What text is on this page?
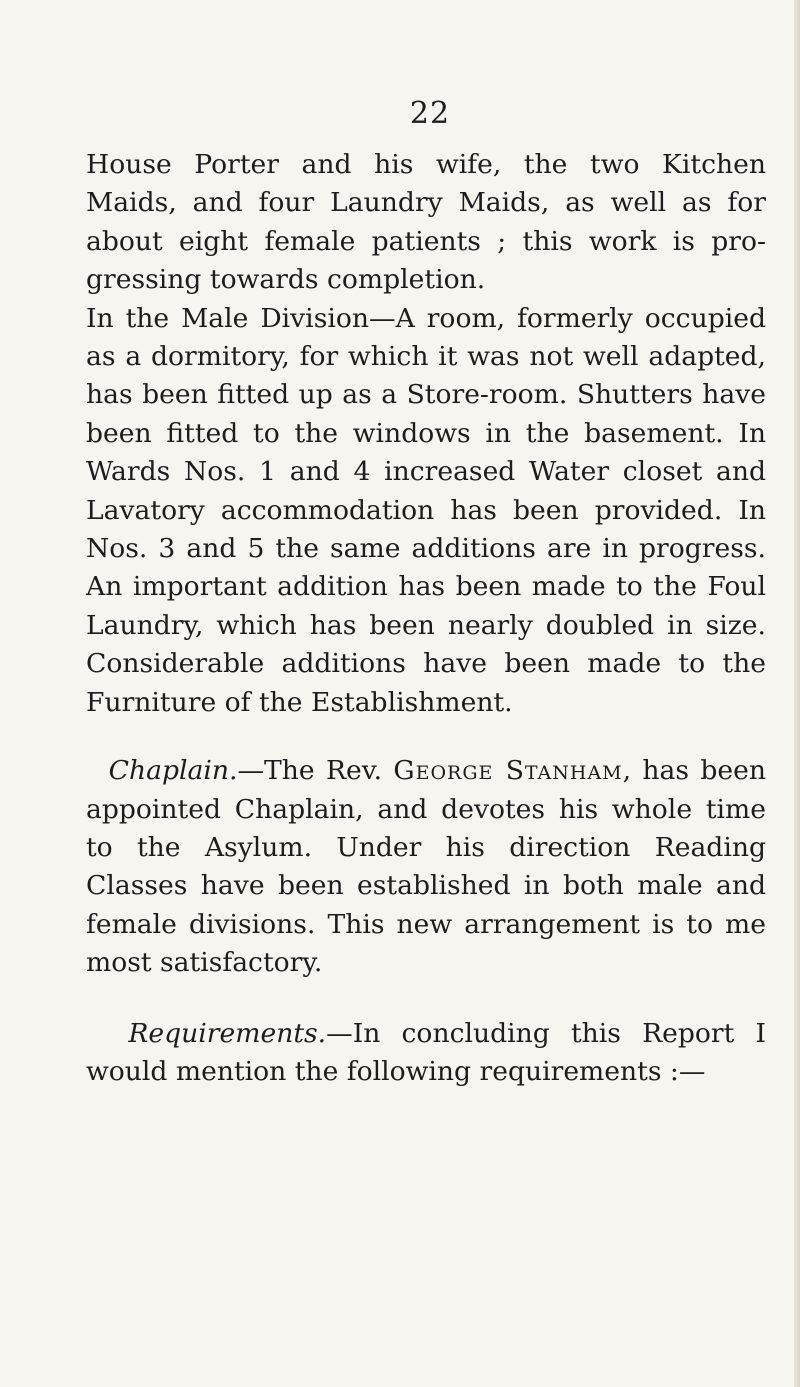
22

House Porter and his wife, the two Kitchen Maids, and four Laundry Maids, as well as for about eight female patients ; this work is progressing towards completion.

In the Male Division—A room, formerly occupied as a dormitory, for which it was not well adapted, has been fitted up as a Store-room. Shutters have been fitted to the windows in the basement. In Wards Nos. 1 and 4 increased Water closet and Lavatory accommodation has been provided. In Nos. 3 and 5 the same additions are in progress. An important addition has been made to the Foul Laundry, which has been nearly doubled in size. Considerable additions have been made to the Furniture of the Establishment.

Chaplain.—The Rev. George Stanham, has been appointed Chaplain, and devotes his whole time to the Asylum. Under his direction Reading Classes have been established in both male and female divisions. This new arrangement is to me most satisfactory.

Requirements.—In concluding this Report I would mention the following requirements :—
